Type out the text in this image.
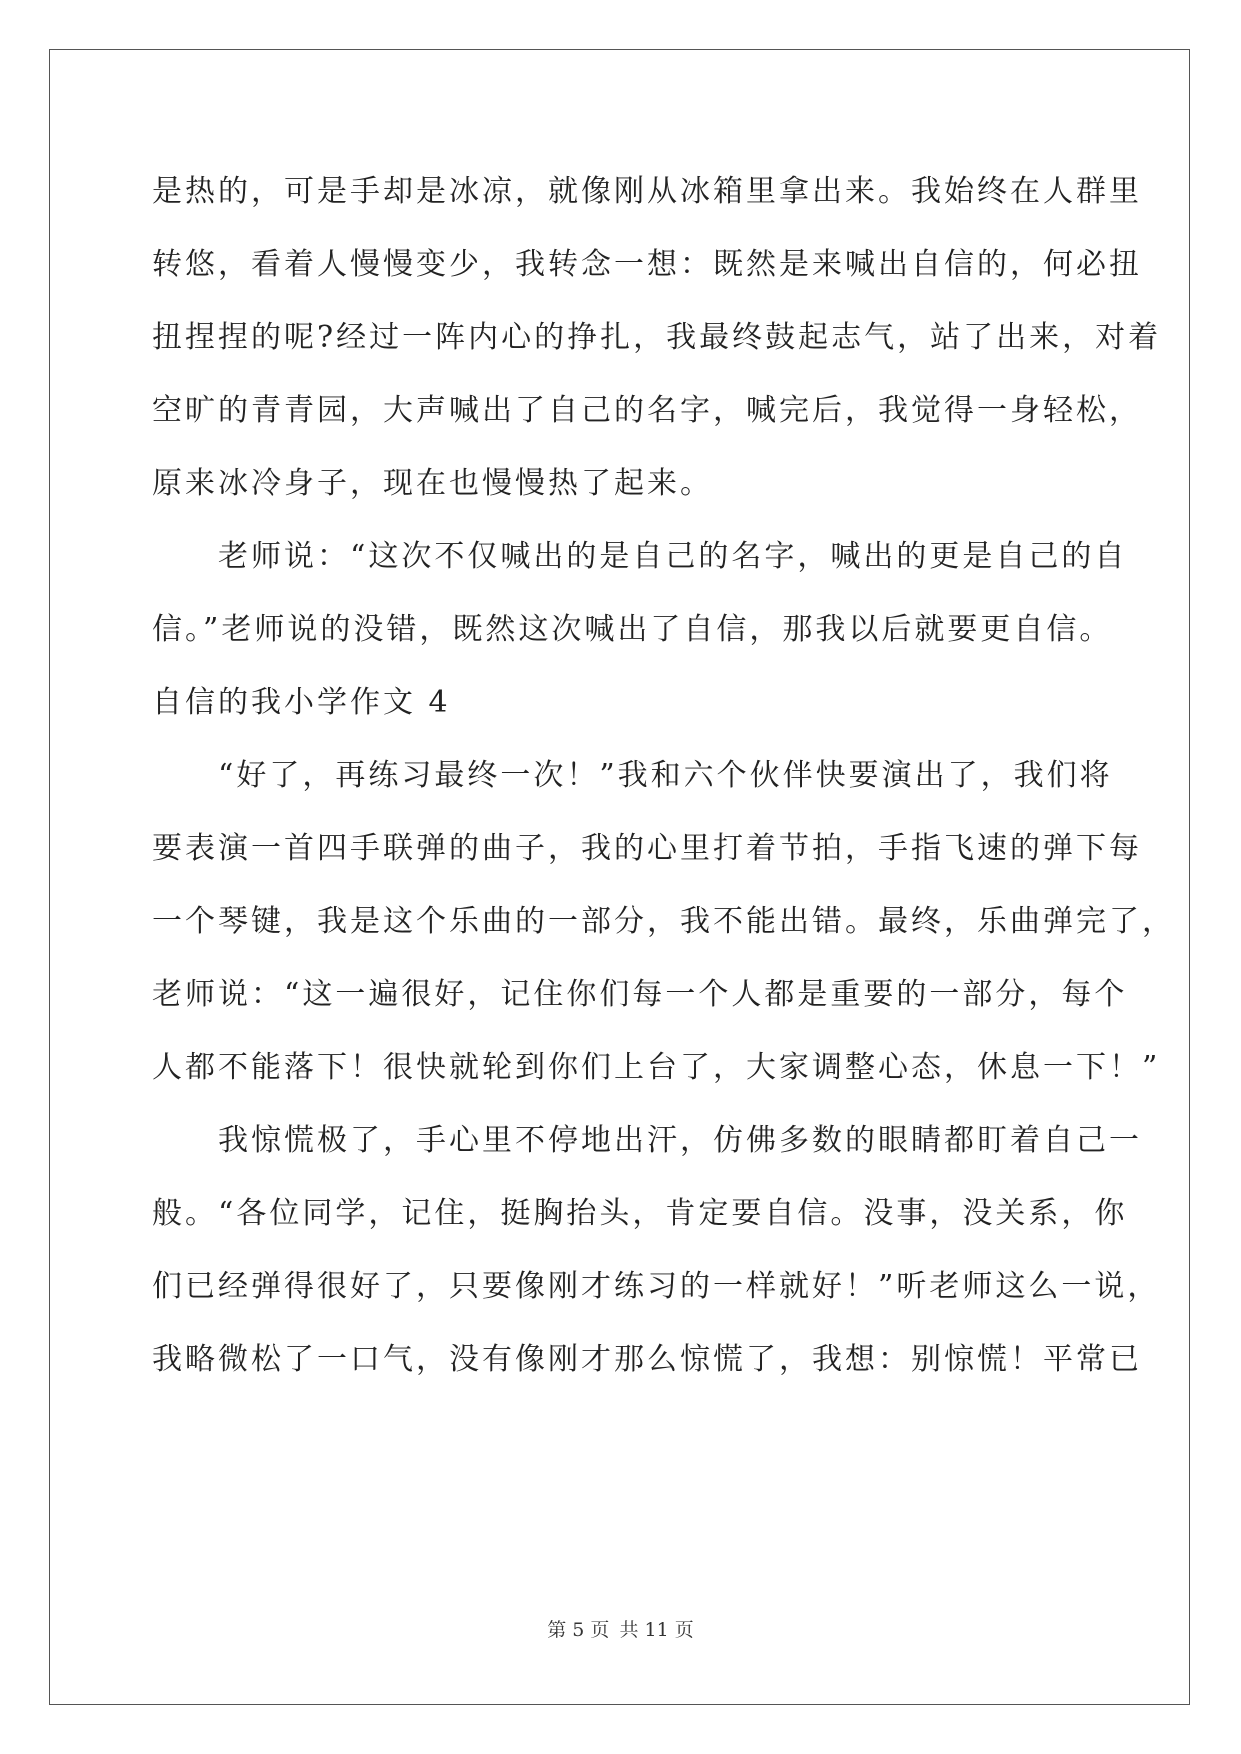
是热的，可是手却是冰凉，就像刚从冰箱里拿出来。我始终在人群里
转悠，看着人慢慢变少，我转念一想：既然是来喊出自信的，何必扭
扭捏捏的呢?经过一阵内心的挣扎，我最终鼓起志气，站了出来，对着
空旷的青青园，大声喊出了自己的名字，喊完后，我觉得一身轻松，
原来冰冷身子，现在也慢慢热了起来。
　　老师说：“这次不仅喊出的是自己的名字，喊出的更是自己的自
信。”老师说的没错，既然这次喊出了自信，那我以后就要更自信。
自信的我小学作文 4
　　“好了，再练习最终一次！”我和六个伙伴快要演出了，我们将
要表演一首四手联弹的曲子，我的心里打着节拍，手指飞速的弹下每
一个琴键，我是这个乐曲的一部分，我不能出错。最终，乐曲弹完了，
老师说：“这一遍很好，记住你们每一个人都是重要的一部分，每个
人都不能落下！很快就轮到你们上台了，大家调整心态，休息一下！”
　　我惊慌极了，手心里不停地出汗，仿佛多数的眼睛都盯着自己一
般。“各位同学，记住，挺胸抬头，肯定要自信。没事，没关系，你
们已经弹得很好了，只要像刚才练习的一样就好！”听老师这么一说，
我略微松了一口气，没有像刚才那么惊慌了，我想：别惊慌！平常已
第 5 页 共 11 页
